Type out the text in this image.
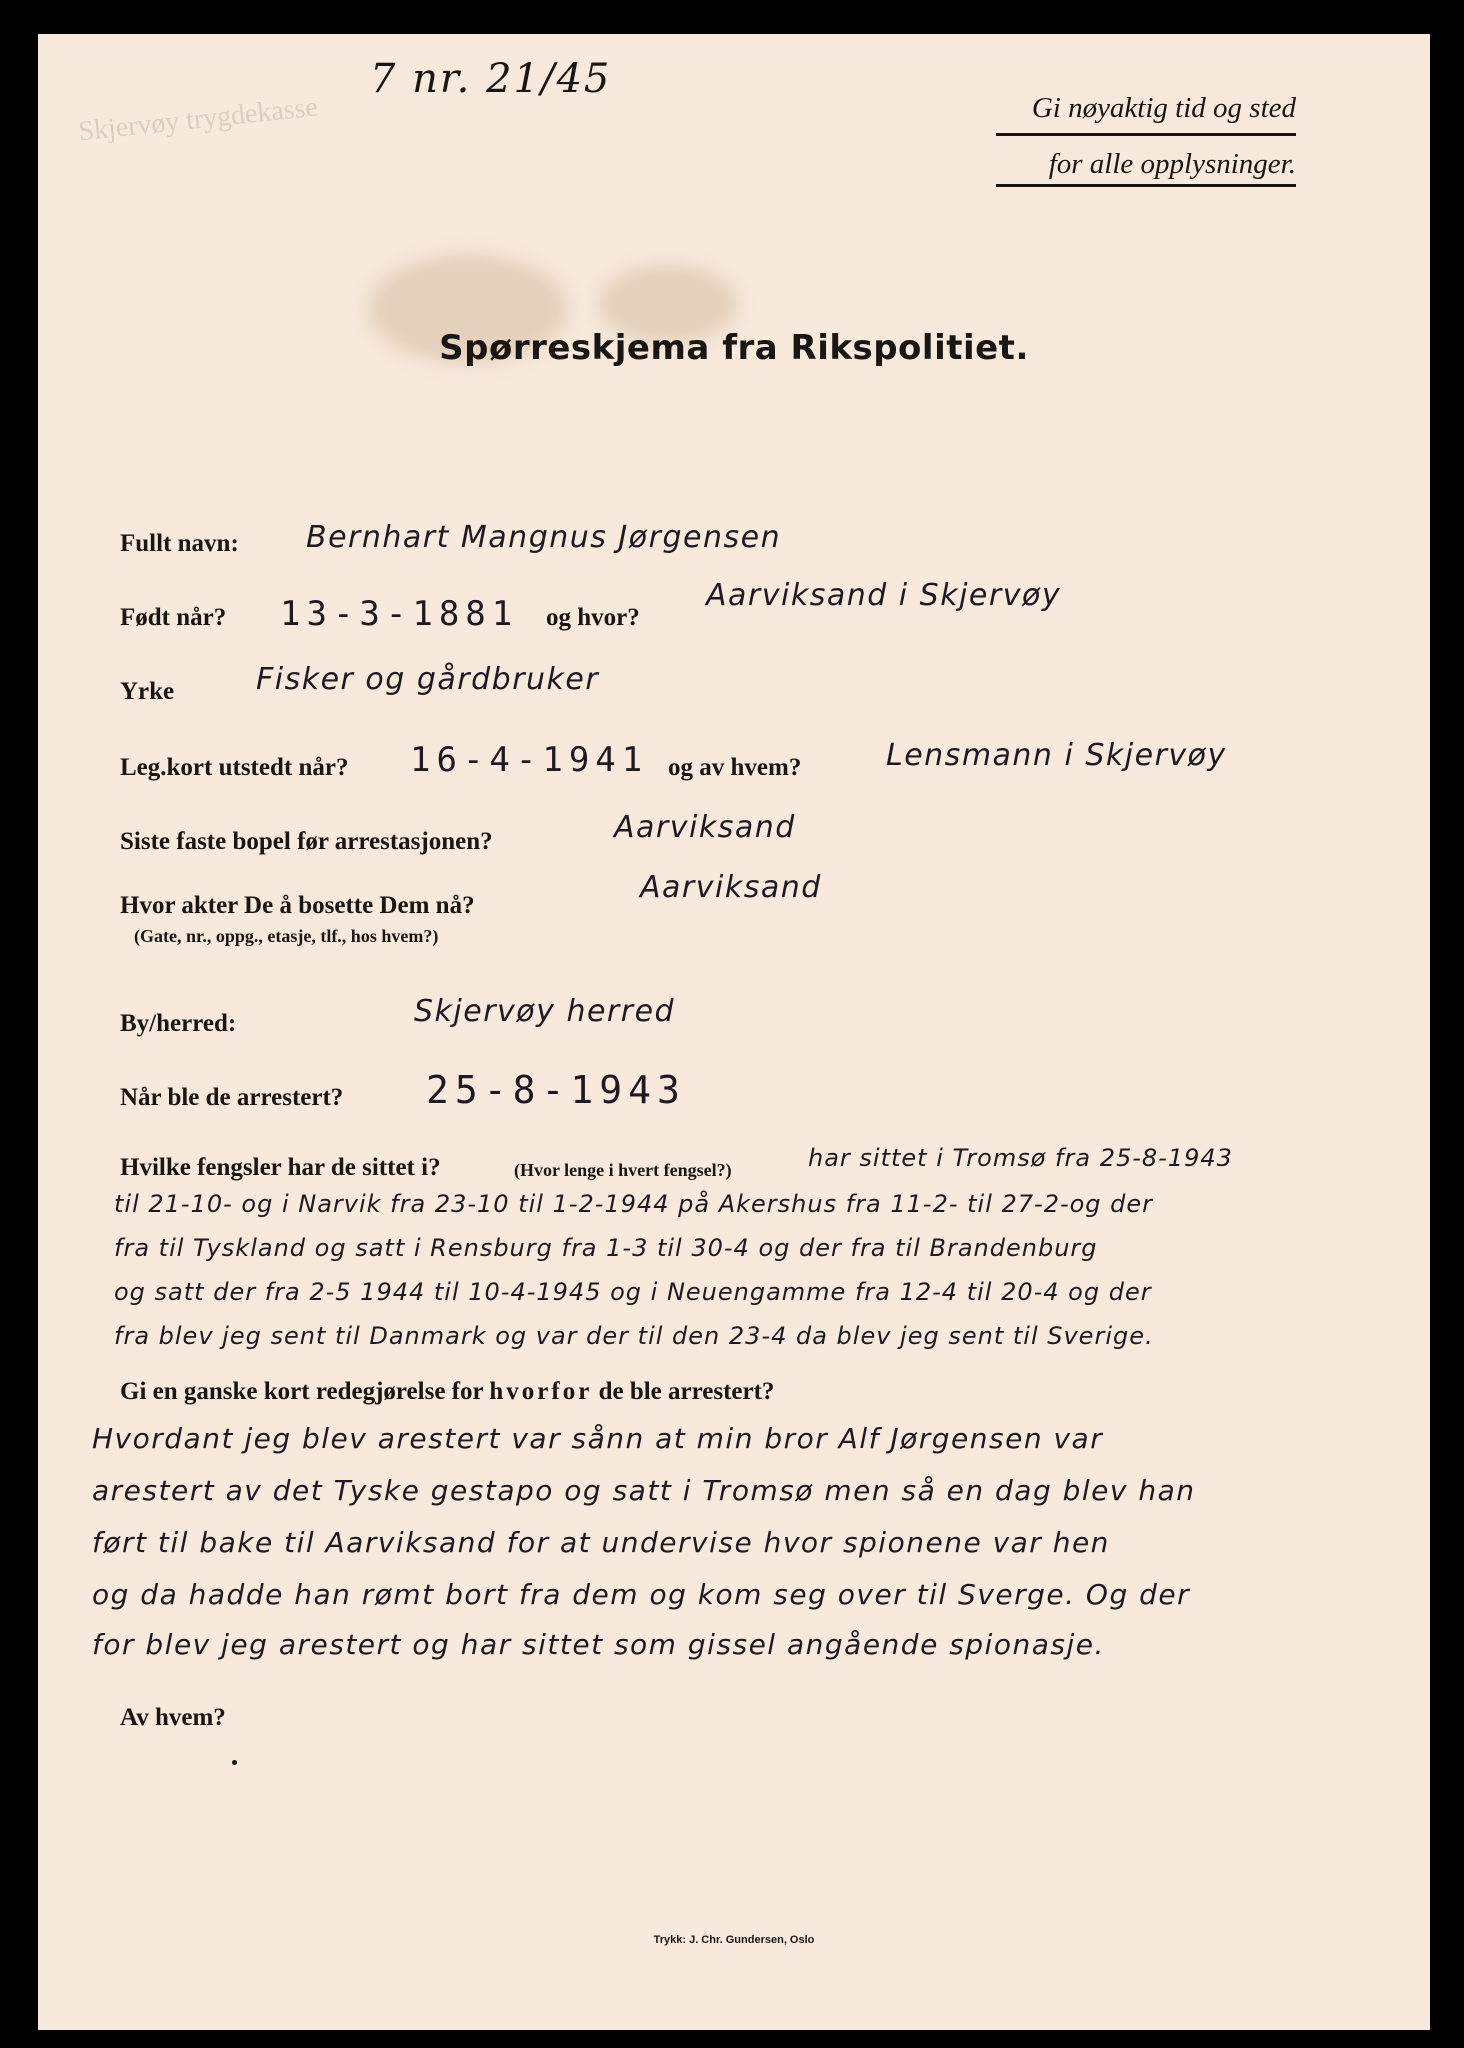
Skjervøy trygdekasse
7 nr. 21/45
Gi nøyaktig tid og sted
for alle opplysninger.
Spørreskjema fra Rikspolitiet.
Fullt navn: Bernhart Mangnus Jørgensen
Født når? 13-3-1881 og hvor?
Aarviksand i Skjervøy
Yrke	Fisker og gårdbruker
Leg.kort utstedt når? 16-4-1941 og av hvem?	Lensmann i Skjervøy
Siste faste bopel før arrestasjonen?	Aarviksand
Hvor akter De å bosette Dem nå?
(Gate, nr., oppg., etasje, tlf., hos hvem?)
Aarviksand
By/herred:	Skjervøy herred
Når ble de arrestert? 25-8-1943
Hvilke fengsler har de sittet i?	(Hvor lenge i hvert fengsel?)	har sittet i Tromsø fra 25-8-1943
til 21-10- og i Narvik fra 23-10 til 1-2-1944 på Akershus fra 11-2- til 27-2-og der
fra til Tyskland og satt i Rensburg fra 1-3 til 30-4 og der fra til Brandenburg
og satt der fra 2-5 1944 til 10-4-1945 og i Neuengamme fra 12-4 til 20-4 og der
fra blev jeg sent til Danmark og var der til den 23-4 da blev jeg sent til Sverige.
Gi en ganske kort redegjørelse for hvorfor de ble arrestert?
Hvordant jeg blev arestert var sånn at min bror Alf Jørgensen var
arestert av det Tyske gestapo og satt i Tromsø men så en dag blev han
ført til bake til Aarviksand for at undervise hvor spionene var hen
og da hadde han rømt bort fra dem og kom seg over til Sverge. Og der
for blev jeg arestert og har sittet som gissel angående spionasje.
Av hvem?
Trykk: J. Chr. Gundersen, Oslo
